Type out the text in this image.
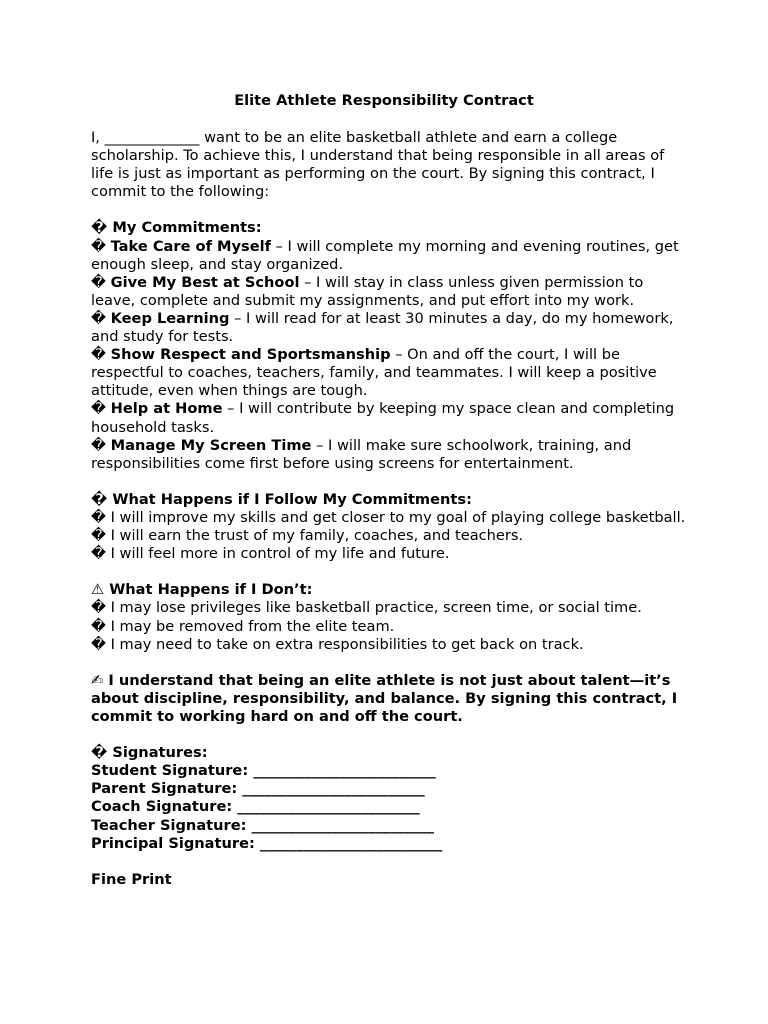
Elite Athlete Responsibility Contract

I, _____________ want to be an elite basketball athlete and earn a college scholarship. To achieve this, I understand that being responsible in all areas of life is just as important as performing on the court. By signing this contract, I commit to the following:

� My Commitments:

� Take Care of Myself – I will complete my morning and evening routines, get enough sleep, and stay organized.

� Give My Best at School – I will stay in class unless given permission to leave, complete and submit my assignments, and put effort into my work.

� Keep Learning – I will read for at least 30 minutes a day, do my homework, and study for tests.

� Show Respect and Sportsmanship – On and off the court, I will be respectful to coaches, teachers, family, and teammates. I will keep a positive attitude, even when things are tough.

� Help at Home – I will contribute by keeping my space clean and completing household tasks.

� Manage My Screen Time – I will make sure schoolwork, training, and responsibilities come first before using screens for entertainment.

� What Happens if I Follow My Commitments:

� I will improve my skills and get closer to my goal of playing college basketball.

� I will earn the trust of my family, coaches, and teachers.

� I will feel more in control of my life and future.

⚠ What Happens if I Don’t:

� I may lose privileges like basketball practice, screen time, or social time.

� I may be removed from the elite team.

� I may need to take on extra responsibilities to get back on track.

✍ I understand that being an elite athlete is not just about talent—it’s about discipline, responsibility, and balance. By signing this contract, I commit to working hard on and off the court.

� Signatures:

Student Signature: _________________________

Parent Signature: _________________________

Coach Signature: _________________________

Teacher Signature: _________________________

Principal Signature: _________________________

Fine Print
